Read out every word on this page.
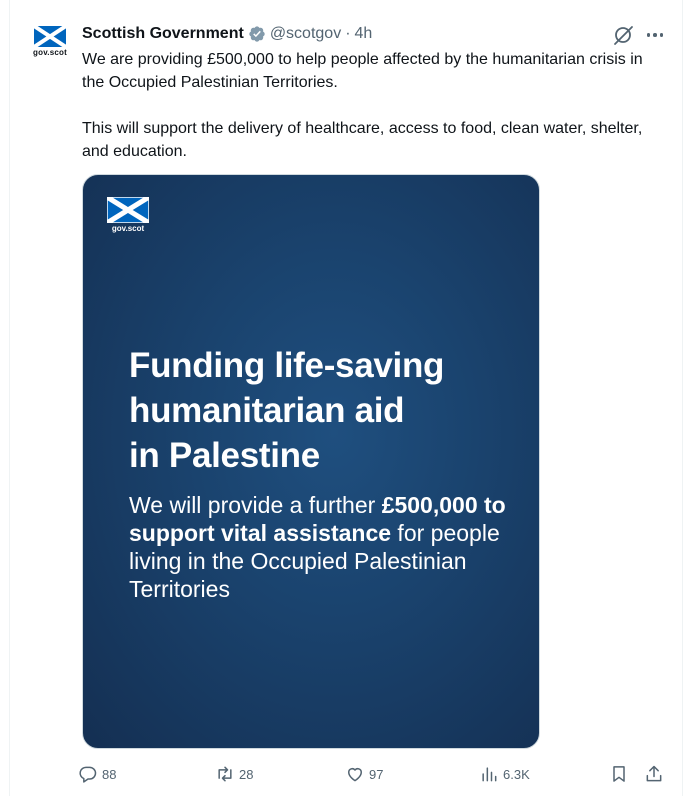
gov.scot
Scottish Government @scotgov · 4h

We are providing £500,000 to help people affected by the humanitarian crisis in the Occupied Palestinian Territories.

This will support the delivery of healthcare, access to food, clean water, shelter, and education.

gov.scot
Funding life-saving
humanitarian aid
in Palestine
We will provide a further £500,000 to support vital assistance for people living in the Occupied Palestinian Territories
88	28	97	6.3K
